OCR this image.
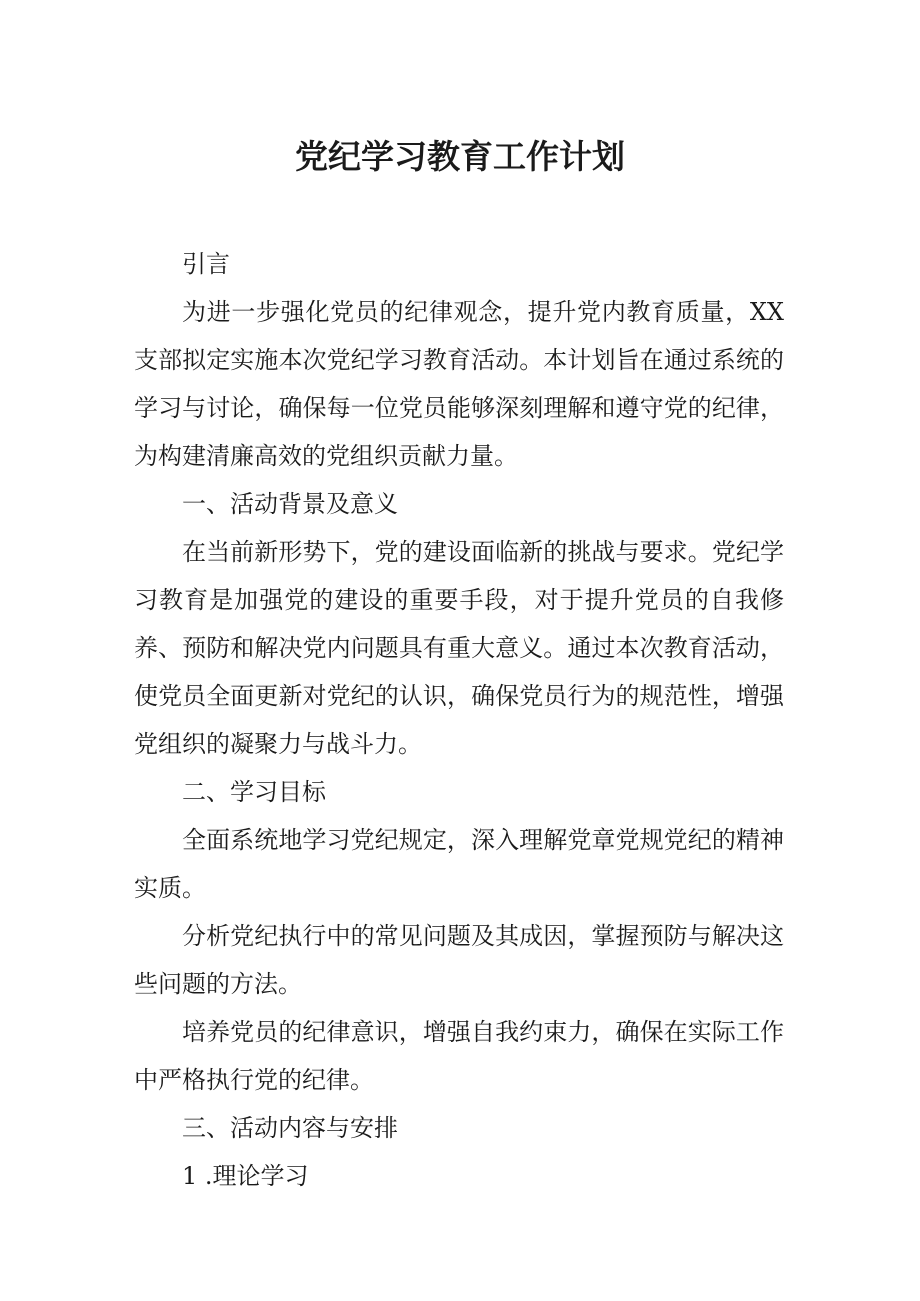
党纪学习教育工作计划

引言

为进一步强化党员的纪律观念，提升党内教育质量，XX支部拟定实施本次党纪学习教育活动。本计划旨在通过系统的学习与讨论，确保每一位党员能够深刻理解和遵守党的纪律，为构建清廉高效的党组织贡献力量。

一、活动背景及意义

在当前新形势下，党的建设面临新的挑战与要求。党纪学习教育是加强党的建设的重要手段，对于提升党员的自我修养、预防和解决党内问题具有重大意义。通过本次教育活动，使党员全面更新对党纪的认识，确保党员行为的规范性，增强党组织的凝聚力与战斗力。

二、学习目标

全面系统地学习党纪规定，深入理解党章党规党纪的精神实质。

分析党纪执行中的常见问题及其成因，掌握预防与解决这些问题的方法。

培养党员的纪律意识，增强自我约束力，确保在实际工作中严格执行党的纪律。

三、活动内容与安排

1 .理论学习
